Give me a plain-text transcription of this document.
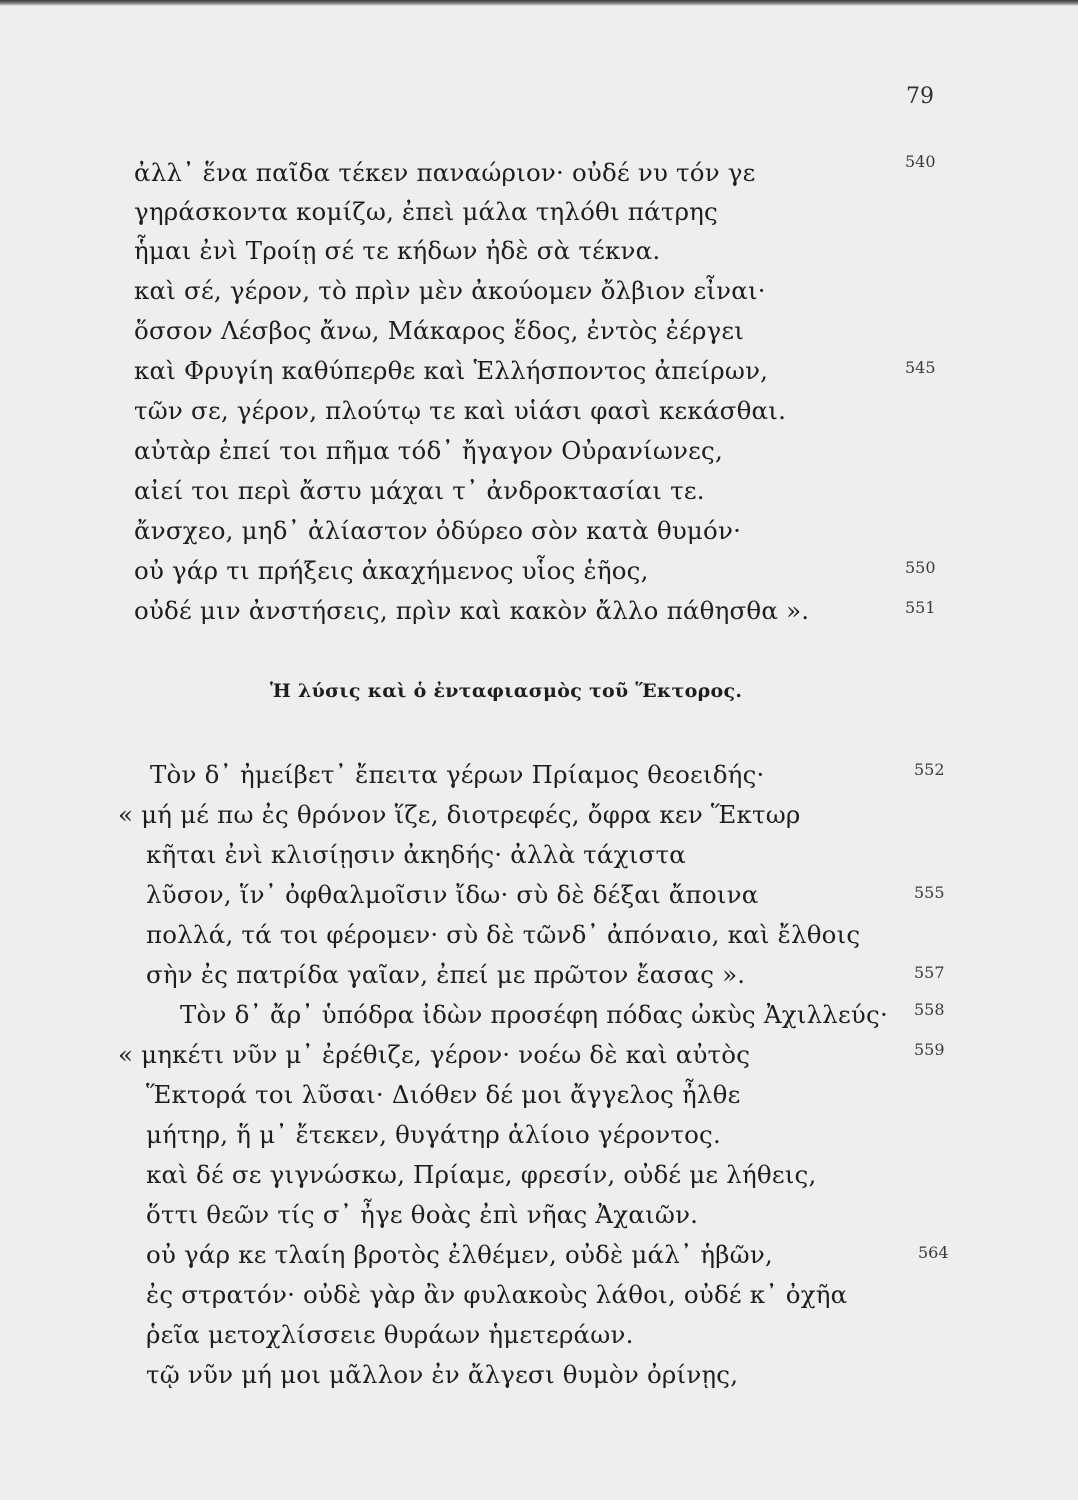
79
ἀλλ᾽ ἕνα παῖδα τέκεν παναώριον· οὐδέ νυ τόν γε	540
γηράσκοντα κομίζω, ἐπεὶ μάλα τηλόθι πάτρης
ἧμαι ἐνὶ Τροίῃ σέ τε κήδων ἠδὲ σὰ τέκνα.
καὶ σέ, γέρον, τὸ πρὶν μὲν ἀκούομεν ὄλβιον εἶναι·
ὅσσον Λέσβος ἄνω, Μάκαρος ἕδος, ἐντὸς ἐέργει
καὶ Φρυγίη καθύπερθε καὶ Ἑλλήσποντος ἀπείρων,	545
τῶν σε, γέρον, πλούτῳ τε καὶ υἱάσι φασὶ κεκάσθαι.
αὐτὰρ ἐπεί τοι πῆμα τόδ᾽ ἤγαγον Οὐρανίωνες,
αἰεί τοι περὶ ἄστυ μάχαι τ᾽ ἀνδροκτασίαι τε.
ἄνσχεο, μηδ᾽ ἀλίαστον ὀδύρεο σὸν κατὰ θυμόν·
οὐ γάρ τι πρήξεις ἀκαχήμενος υἷος ἑῆος,	550
οὐδέ μιν ἀνστήσεις, πρὶν καὶ κακὸν ἄλλο πάθησθα ».	551
Ἡ λύσις καὶ ὁ ἐνταφιασμὸς τοῦ Ἕκτορος.
Τὸν δ᾽ ἠμείβετ᾽ ἔπειτα γέρων Πρίαμος θεοειδής·	552
« μή μέ πω ἐς θρόνον ἵζε, διοτρεφές, ὄφρα κεν Ἕκτωρ
κῆται ἐνὶ κλισίῃσιν ἀκηδής· ἀλλὰ τάχιστα
λῦσον, ἵν᾽ ὀφθαλμοῖσιν ἴδω· σὺ δὲ δέξαι ἄποινα	555
πολλά, τά τοι φέρομεν· σὺ δὲ τῶνδ᾽ ἀπόναιο, καὶ ἔλθοις
σὴν ἐς πατρίδα γαῖαν, ἐπεί με πρῶτον ἔασας ».	557
Τὸν δ᾽ ἄρ᾽ ὑπόδρα ἰδὼν προσέφη πόδας ὠκὺς Ἀχιλλεύς· 558
« μηκέτι νῦν μ᾽ ἐρέθιζε, γέρον· νοέω δὲ καὶ αὐτὸς	559
Ἕκτορά τοι λῦσαι· Διόθεν δέ μοι ἄγγελος ἦλθε
μήτηρ, ἥ μ᾽ ἔτεκεν, θυγάτηρ ἁλίοιο γέροντος.
καὶ δέ σε γιγνώσκω, Πρίαμε, φρεσίν, οὐδέ με λήθεις,
ὅττι θεῶν τίς σ᾽ ἦγε θοὰς ἐπὶ νῆας Ἀχαιῶν.
οὐ γάρ κε τλαίη βροτὸς ἐλθέμεν, οὐδὲ μάλ᾽ ἡβῶν,	564
ἐς στρατόν· οὐδὲ γὰρ ἂν φυλακοὺς λάθοι, οὐδέ κ᾽ ὀχῆα
ῥεῖα μετοχλίσσειε θυράων ἡμετεράων.
τῷ νῦν μή μοι μᾶλλον ἐν ἄλγεσι θυμὸν ὀρίνῃς,
